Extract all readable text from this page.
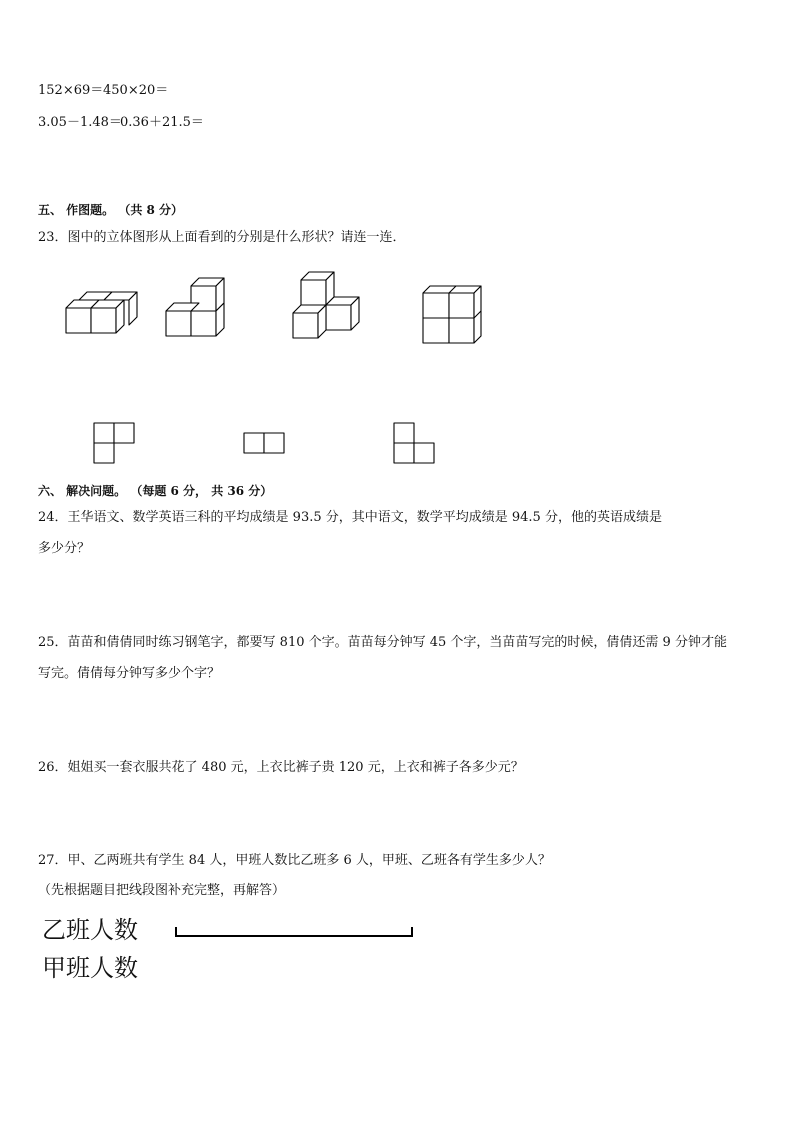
152×69＝ 450×20＝
3.05－1.48＝
0.36＋21.5＝
五、 作图题。 （共 8 分）
23．图中的立体图形从上面看到的分别是什么形状？请连一连．
六、 解决问题。 （每题 6 分， 共 36 分）
24．王华语文、数学英语三科的平均成绩是 93.5 分，其中语文，数学平均成绩是 94.5 分，他的英语成绩是
多少分？
25．苗苗和倩倩同时练习钢笔字，都要写 810 个字。苗苗每分钟写 45 个字，当苗苗写完的时候，倩倩还需 9 分钟才能
写完。倩倩每分钟写多少个字？
26．姐姐买一套衣服共花了 480 元，上衣比裤子贵 120 元，上衣和裤子各多少元？
27．甲、乙两班共有学生 84 人，甲班人数比乙班多 6 人，甲班、乙班各有学生多少人？
（先根据题目把线段图补充完整，再解答）
乙班人数
甲班人数
